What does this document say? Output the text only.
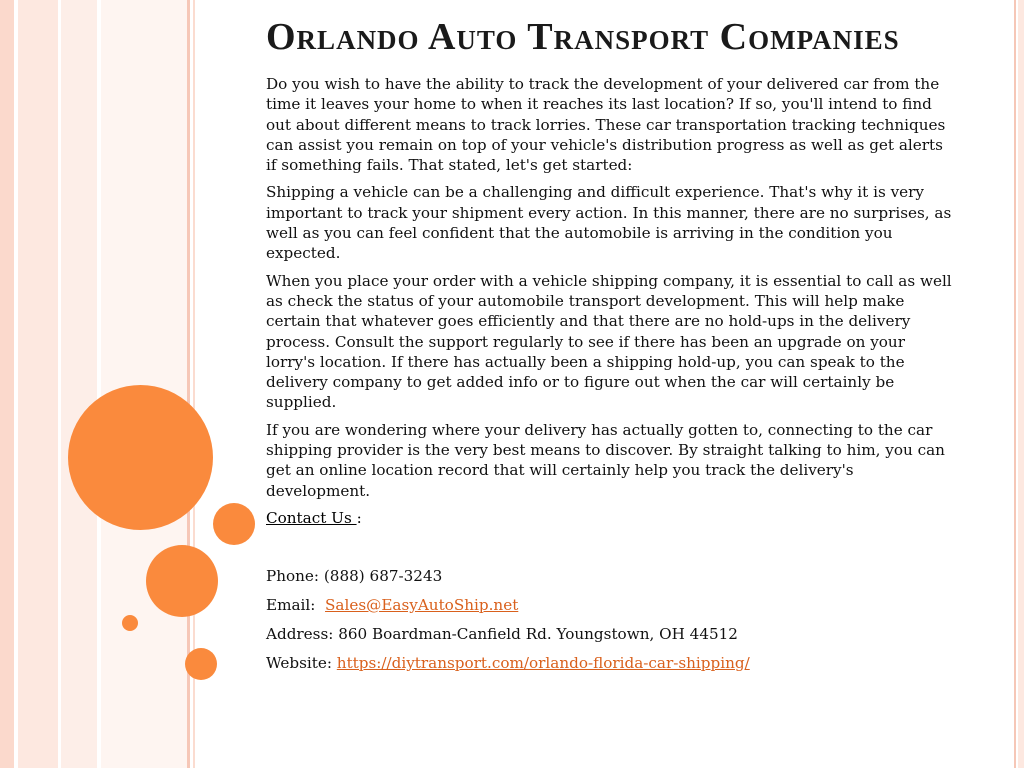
Orlando Auto Transport Companies

Do you wish to have the ability to track the development of your delivered car from the time it leaves your home to when it reaches its last location? If so, you'll intend to find out about different means to track lorries. These car transportation tracking techniques can assist you remain on top of your vehicle's distribution progress as well as get alerts if something fails. That stated, let's get started:

Shipping a vehicle can be a challenging and difficult experience. That's why it is very important to track your shipment every action. In this manner, there are no surprises, as well as you can feel confident that the automobile is arriving in the condition you expected.

When you place your order with a vehicle shipping company, it is essential to call as well as check the status of your automobile transport development. This will help make certain that whatever goes efficiently and that there are no hold-ups in the delivery process. Consult the support regularly to see if there has been an upgrade on your lorry's location. If there has actually been a shipping hold-up, you can speak to the delivery company to get added info or to figure out when the car will certainly be supplied.

If you are wondering where your delivery has actually gotten to, connecting to the car shipping provider is the very best means to discover. By straight talking to him, you can get an online location record that will certainly help you track the delivery's development.

Contact Us :

Phone: (888) 687-3243

Email:  Sales@EasyAutoShip.net

Address: 860 Boardman-Canfield Rd. Youngstown, OH 44512

Website: https://diytransport.com/orlando-florida-car-shipping/
